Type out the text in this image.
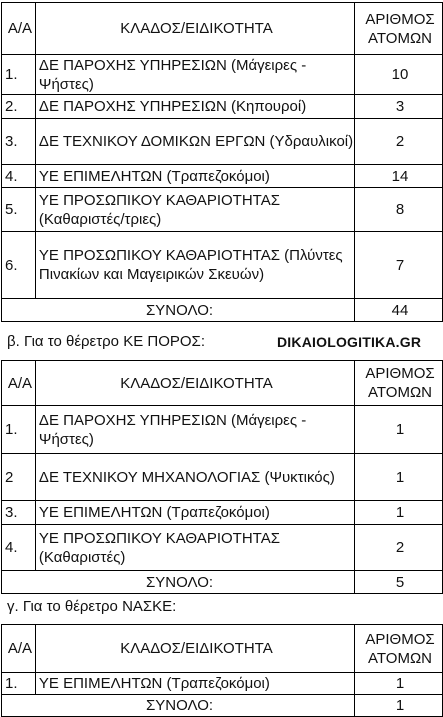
Α/Α	ΚΛΑΔΟΣ/ΕΙΔΙΚΟΤΗΤΑ	ΑΡΙΘΜΟΣ ΑΤΟΜΩΝ
1.	ΔΕ ΠΑΡΟΧΗΣ ΥΠΗΡΕΣΙΩΝ (Μάγειρες - Ψήστες)	10
2.	ΔΕ ΠΑΡΟΧΗΣ ΥΠΗΡΕΣΙΩΝ (Κηπουροί)	3
3.	ΔΕ ΤΕΧΝΙΚΟΥ ΔΟΜΙΚΩΝ ΕΡΓΩΝ (Υδραυλικοί)	2
4.	ΥΕ ΕΠΙΜΕΛΗΤΩΝ (Τραπεζοκόμοι)	14
5.	ΥΕ ΠΡΟΣΩΠΙΚΟΥ ΚΑΘΑΡΙΟΤΗΤΑΣ (Καθαριστές/τριες)	8
6.	ΥΕ ΠΡΟΣΩΠΙΚΟΥ ΚΑΘΑΡΙΟΤΗΤΑΣ (Πλύντες Πινακίων και Μαγειρικών Σκευών)	7
ΣΥΝΟΛΟ:		44
β. Για το θέρετρο ΚΕ ΠΟΡΟΣ:	DIKAIOLOGITIKA.GR
Α/Α	ΚΛΑΔΟΣ/ΕΙΔΙΚΟΤΗΤΑ	ΑΡΙΘΜΟΣ ΑΤΟΜΩΝ
1.	ΔΕ ΠΑΡΟΧΗΣ ΥΠΗΡΕΣΙΩΝ (Μάγειρες - Ψήστες)	1
2	ΔΕ ΤΕΧΝΙΚΟΥ ΜΗΧΑΝΟΛΟΓΙΑΣ (Ψυκτικός)	1
3.	ΥΕ ΕΠΙΜΕΛΗΤΩΝ (Τραπεζοκόμοι)	1
4.	ΥΕ ΠΡΟΣΩΠΙΚΟΥ ΚΑΘΑΡΙΟΤΗΤΑΣ (Καθαριστές)	2
ΣΥΝΟΛΟ:		5
γ. Για το θέρετρο ΝΑΣΚΕ:
Α/Α	ΚΛΑΔΟΣ/ΕΙΔΙΚΟΤΗΤΑ	ΑΡΙΘΜΟΣ ΑΤΟΜΩΝ
1.	ΥΕ ΕΠΙΜΕΛΗΤΩΝ (Τραπεζοκόμοι)	1
ΣΥΝΟΛΟ:		1
